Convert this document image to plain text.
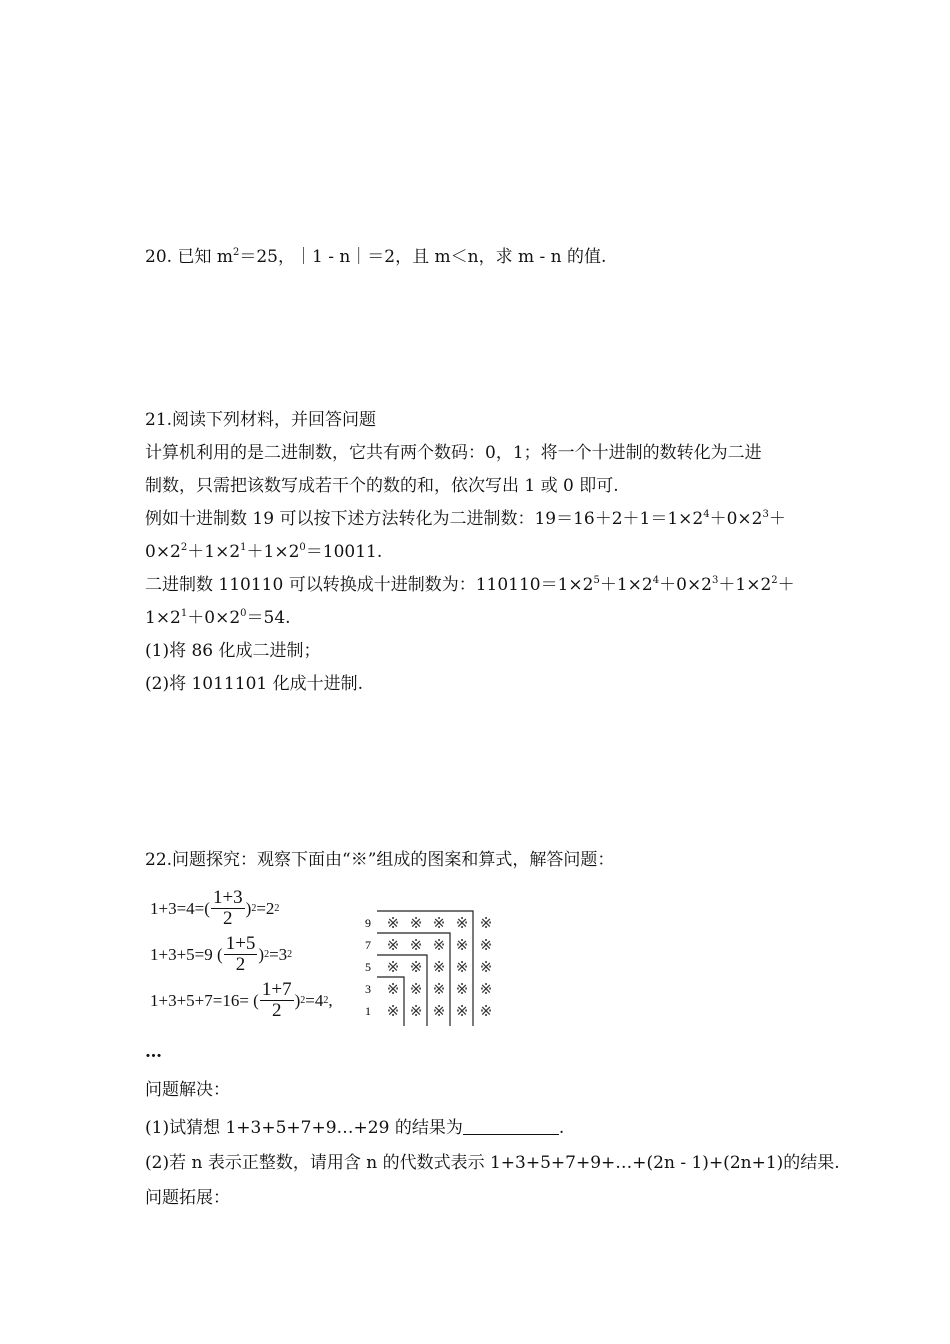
20. 已知 $m^2=25$，｜1 - n｜＝2，且 m＜n，求 m - n 的值.
21.阅读下列材料，并回答问题
计算机利用的是二进制数，它共有两个数码：0，1；将一个十进制的数转化为二进
制数，只需把该数写成若干个的数的和，依次写出 1 或 0 即可.
例如十进制数 19 可以按下述方法转化为二进制数：$19=16+2+1=1\times 2^4+0\times 2^3+$
$0\times 2^2+1\times 2^1+1\times 2^0=10011$.
二进制数 110110 可以转换成十进制数为：$110110=1\times 2^5+1\times 2^4+0\times 2^3+1\times 2^2+$
$1\times 2^1+0\times 2^0=54$.
(1)将 86 化成二进制；
(2)将 1011101 化成十进制.
22.问题探究：观察下面由“※”组成的图案和算式，解答问题：
$1+3=4=( \frac{1+3}{2}$ ) 2 =2 2
1+3+5=9 ( $\frac{1+5}{2}$ ) 2 =3 2
1+3+5+7=16= ( $\frac{1+7}{2}$ ) 2 =4 2 ,
9 ※ ※ ※ ※ ※
7 ※ ※ ※ ※ ※
5 ※ ※ ※ ※ ※
3 ※ ※ ※ ※ ※
1 ※ ※ ※ ※ ※
…
问题解决：
(1)试猜想 1+3+5+7+9…+29 的结果为	.
(2)若 n 表示正整数，请用含 n 的代数式表示 1+3+5+7+9+…+(2n - 1)+(2n+1)的结果.
问题拓展：
